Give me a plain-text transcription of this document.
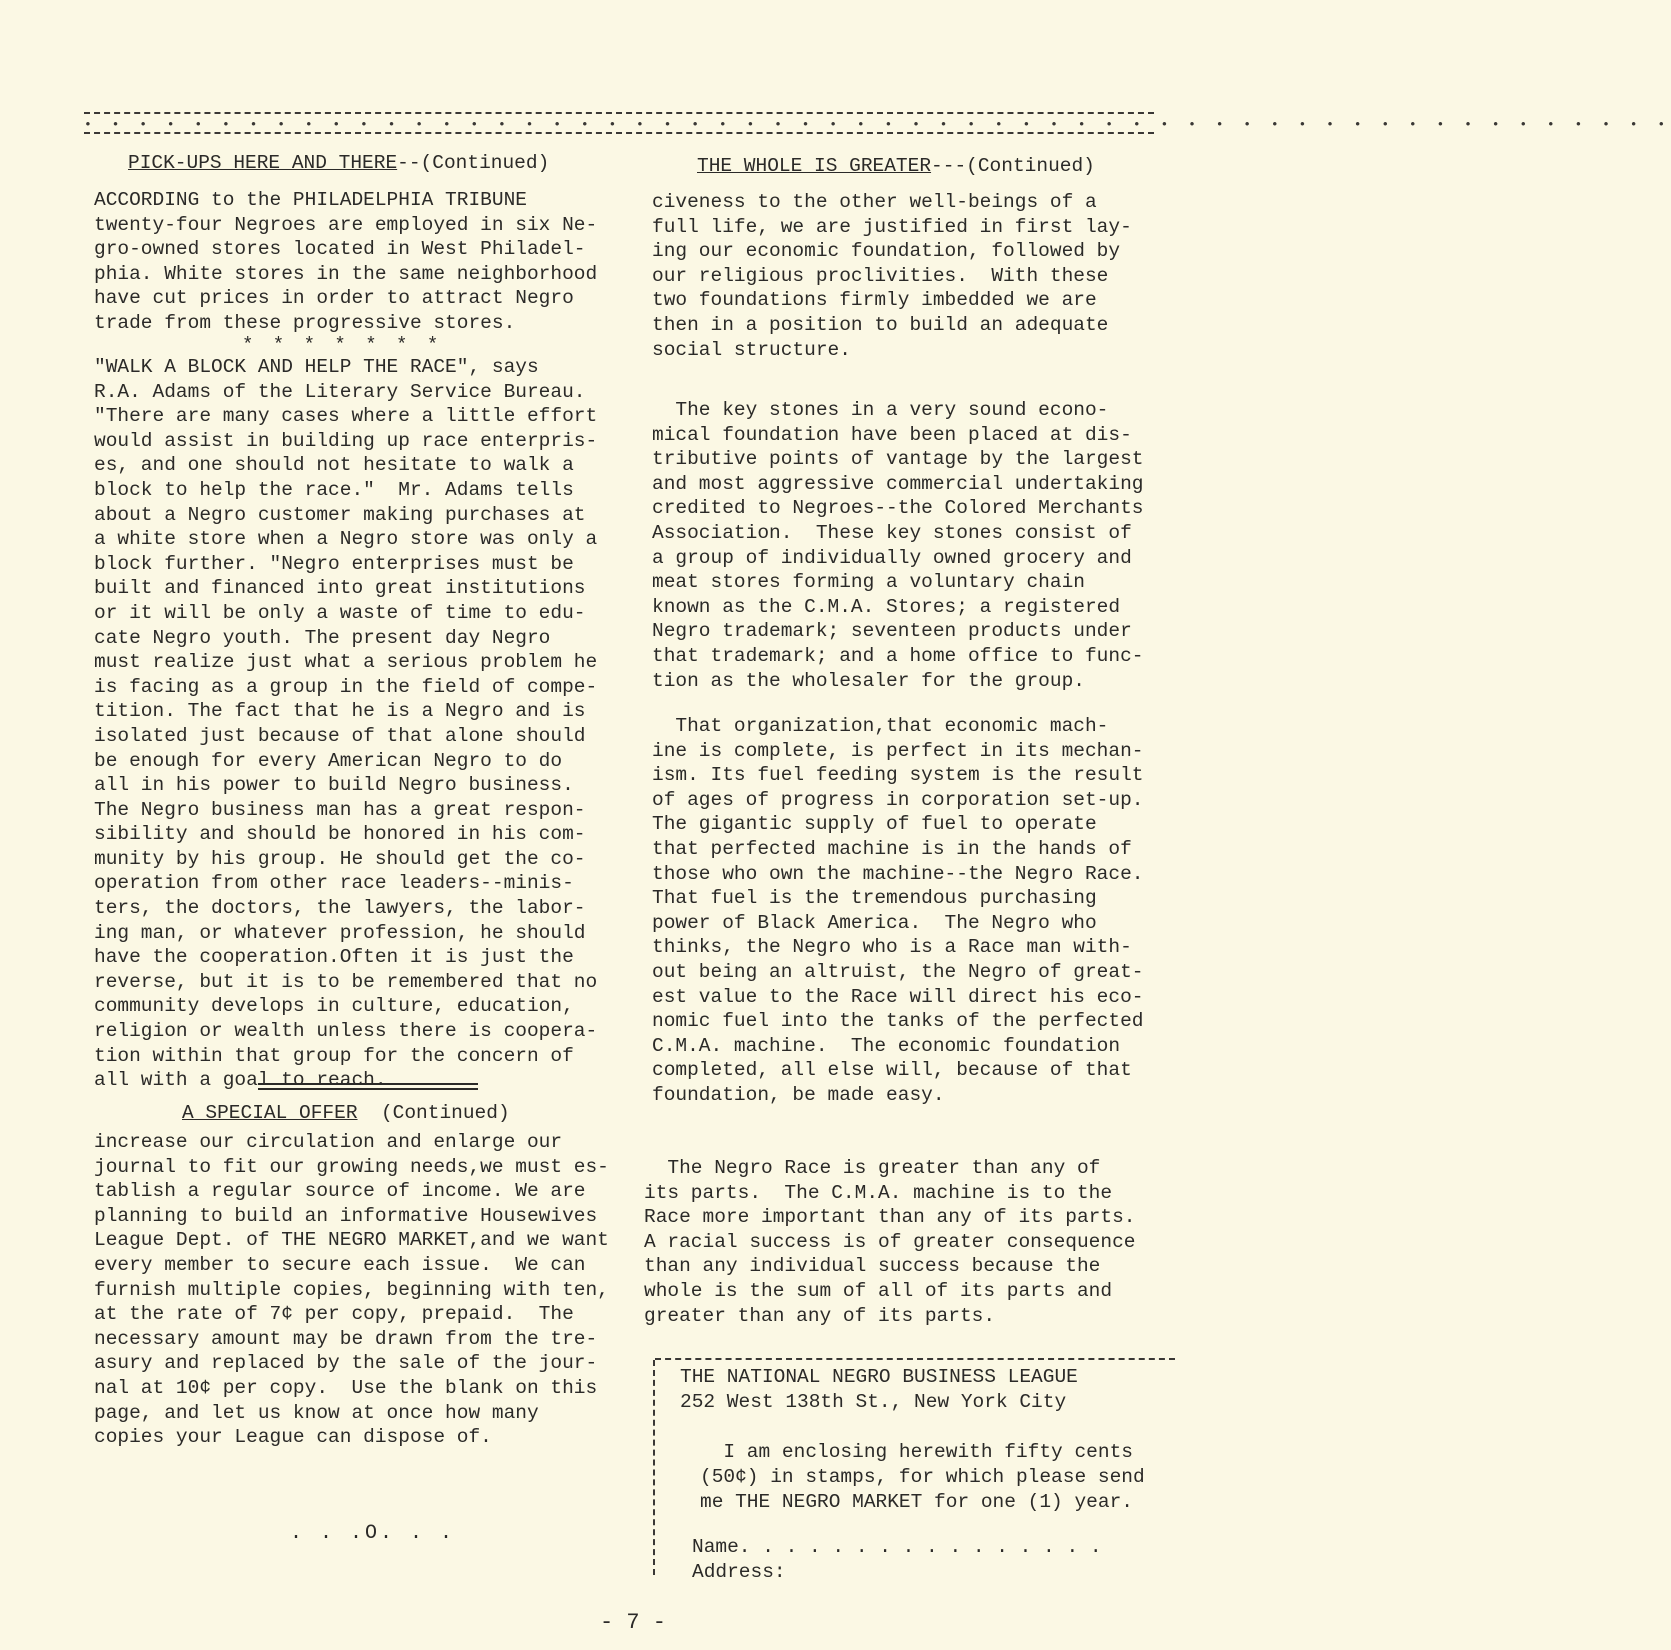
• • • • • • • • • • • • • • • • • • • • • • • • • • • • • • • • • • • • • • • • • • • • • • • • • • • • • • • • • •
PICK-UPS HERE AND THERE--(Continued)
ACCORDING to the PHILADELPHIA TRIBUNE
twenty-four Negroes are employed in six Ne-
gro-owned stores located in West Philadel-
phia. White stores in the same neighborhood
have cut prices in order to attract Negro
trade from these progressive stores.
* * * * * * *
"WALK A BLOCK AND HELP THE RACE", says
R.A. Adams of the Literary Service Bureau.
"There are many cases where a little effort
would assist in building up race enterpris-
es, and one should not hesitate to walk a
block to help the race."  Mr. Adams tells
about a Negro customer making purchases at
a white store when a Negro store was only a
block further. "Negro enterprises must be
built and financed into great institutions
or it will be only a waste of time to edu-
cate Negro youth. The present day Negro
must realize just what a serious problem he
is facing as a group in the field of compe-
tition. The fact that he is a Negro and is
isolated just because of that alone should
be enough for every American Negro to do
all in his power to build Negro business.
The Negro business man has a great respon-
sibility and should be honored in his com-
munity by his group. He should get the co-
operation from other race leaders--minis-
ters, the doctors, the lawyers, the labor-
ing man, or whatever profession, he should
have the cooperation.Often it is just the
reverse, but it is to be remembered that no
community develops in culture, education,
religion or wealth unless there is coopera-
tion within that group for the concern of
all with a goal to reach.
A SPECIAL OFFER (Continued)
increase our circulation and enlarge our
journal to fit our growing needs,we must es-
tablish a regular source of income. We are
planning to build an informative Housewives
League Dept. of THE NEGRO MARKET,and we want
every member to secure each issue.  We can
furnish multiple copies, beginning with ten,
at the rate of 7¢ per copy, prepaid.  The
necessary amount may be drawn from the tre-
asury and replaced by the sale of the jour-
nal at 10¢ per copy.  Use the blank on this
page, and let us know at once how many
copies your League can dispose of.
. . .O. . .
THE WHOLE IS GREATER---(Continued)
civeness to the other well-beings of a
full life, we are justified in first lay-
ing our economic foundation, followed by
our religious proclivities.  With these
two foundations firmly imbedded we are
then in a position to build an adequate
social structure.
The key stones in a very sound econo-
mical foundation have been placed at dis-
tributive points of vantage by the largest
and most aggressive commercial undertaking
credited to Negroes--the Colored Merchants
Association.  These key stones consist of
a group of individually owned grocery and
meat stores forming a voluntary chain
known as the C.M.A. Stores; a registered
Negro trademark; seventeen products under
that trademark; and a home office to func-
tion as the wholesaler for the group.
That organization,that economic mach-
ine is complete, is perfect in its mechan-
ism. Its fuel feeding system is the result
of ages of progress in corporation set-up.
The gigantic supply of fuel to operate
that perfected machine is in the hands of
those who own the machine--the Negro Race.
That fuel is the tremendous purchasing
power of Black America.  The Negro who
thinks, the Negro who is a Race man with-
out being an altruist, the Negro of great-
est value to the Race will direct his eco-
nomic fuel into the tanks of the perfected
C.M.A. machine.  The economic foundation
completed, all else will, because of that
foundation, be made easy.
The Negro Race is greater than any of
its parts.  The C.M.A. machine is to the
Race more important than any of its parts.
A racial success is of greater consequence
than any individual success because the
whole is the sum of all of its parts and
greater than any of its parts.
THE NATIONAL NEGRO BUSINESS LEAGUE
252 West 138th St., New York City
I am enclosing herewith fifty cents
(50¢) in stamps, for which please send
me THE NEGRO MARKET for one (1) year.
Name. . . . . . . . . . . . . . . .
Address:
- 7 -
